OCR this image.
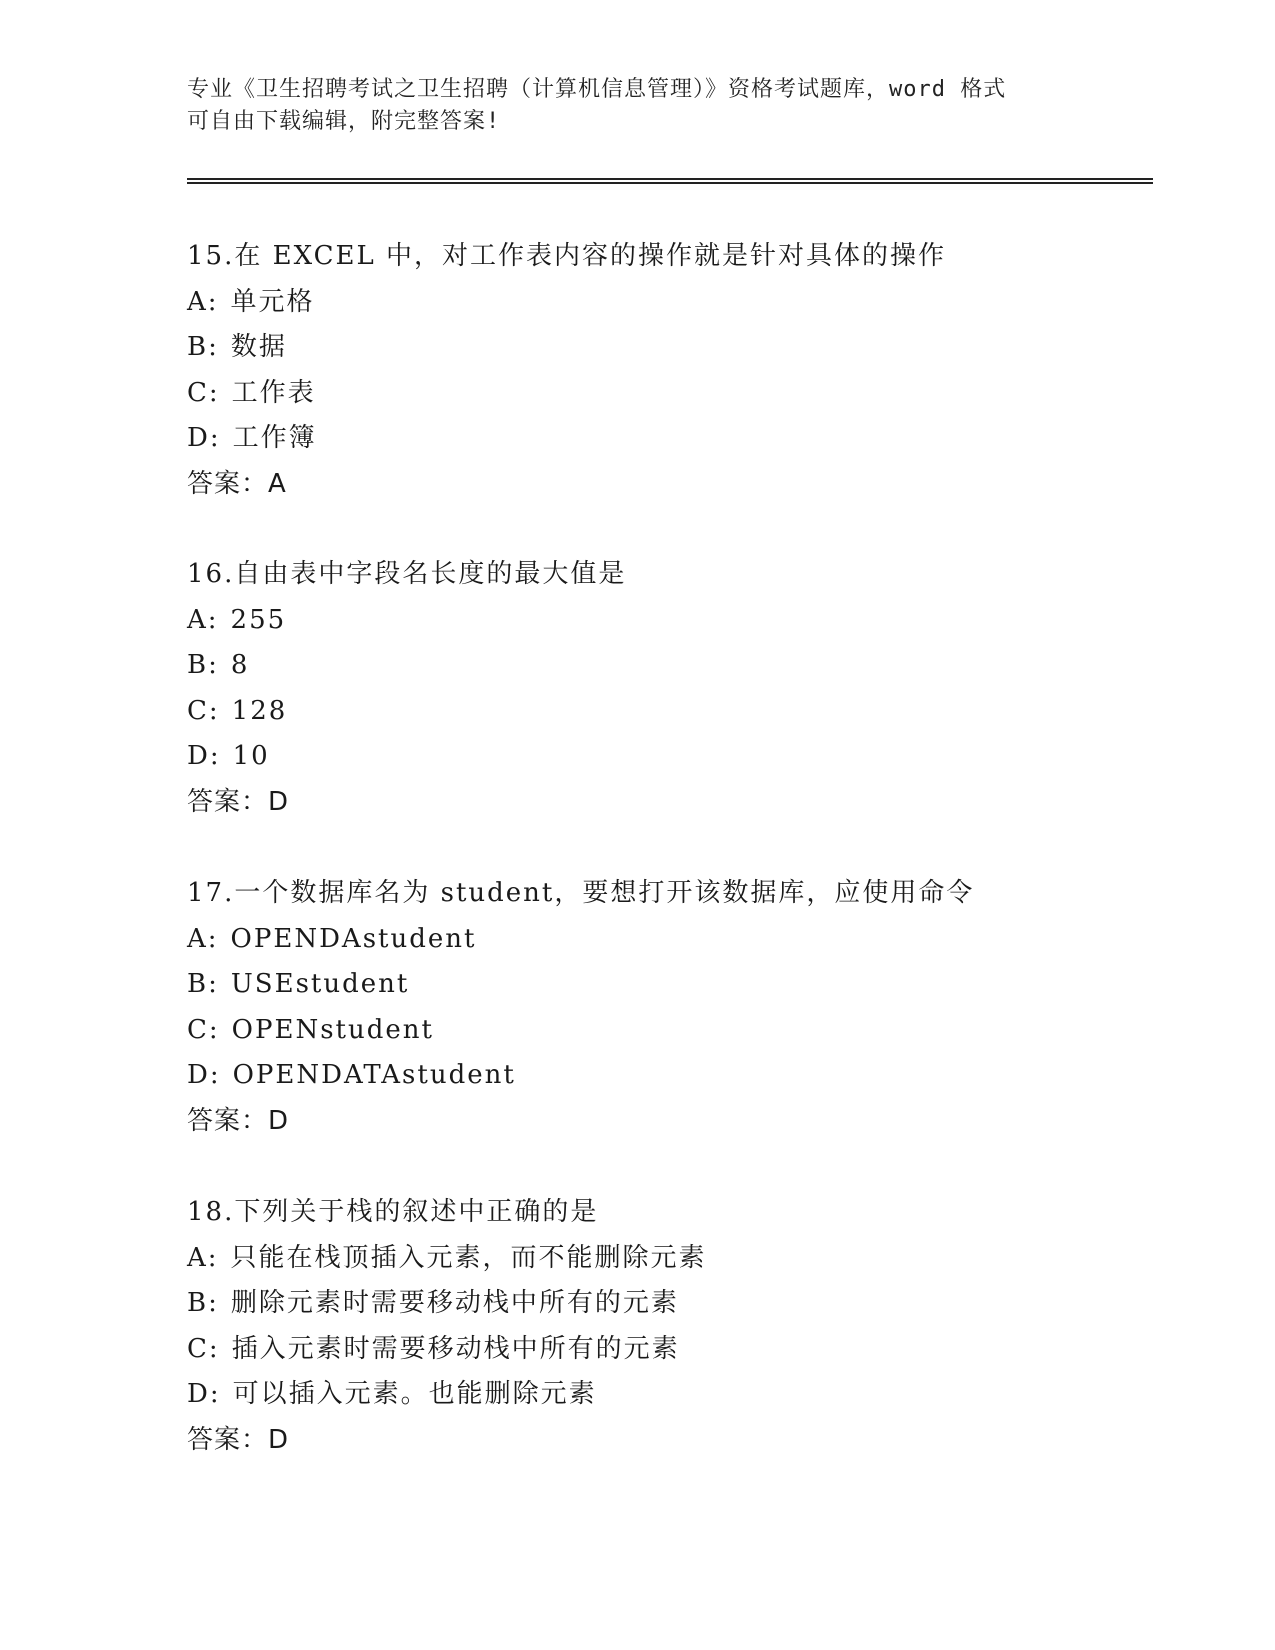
专业《卫生招聘考试之卫生招聘（计算机信息管理）》资格考试题库，word 格式
可自由下载编辑，附完整答案!
15.在 EXCEL 中，对工作表内容的操作就是针对具体的操作
A: 单元格
B: 数据
C: 工作表
D: 工作簿
答案：A
16.自由表中字段名长度的最大值是
A: 255
B: 8
C: 128
D: 10
答案：D
17.一个数据库名为 student，要想打开该数据库，应使用命令
A: OPENDAstudent
B: USEstudent
C: OPENstudent
D: OPENDATAstudent
答案：D
18.下列关于栈的叙述中正确的是
A: 只能在栈顶插入元素，而不能删除元素
B: 删除元素时需要移动栈中所有的元素
C: 插入元素时需要移动栈中所有的元素
D: 可以插入元素。也能删除元素
答案：D
